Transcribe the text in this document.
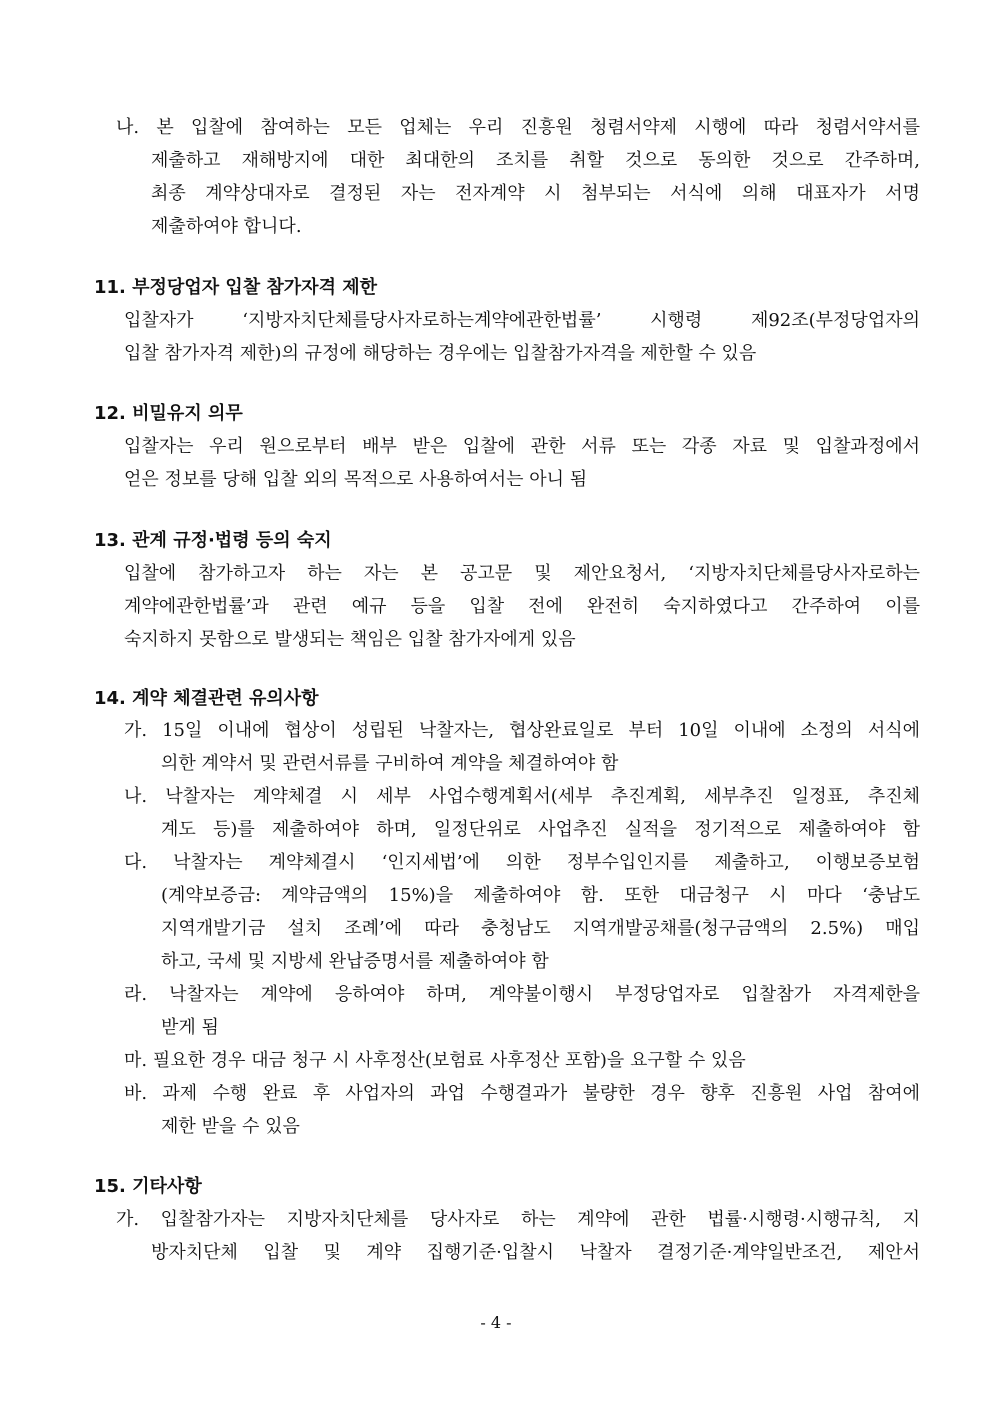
나. 본 입찰에 참여하는 모든 업체는 우리 진흥원 청렴서약제 시행에 따라 청렴서약서를
제출하고 재해방지에 대한 최대한의 조치를 취할 것으로 동의한 것으로 간주하며,
최종 계약상대자로 결정된 자는 전자계약 시 첨부되는 서식에 의해 대표자가 서명
제출하여야 합니다.
11. 부정당업자 입찰 참가자격 제한
입찰자가 ‘지방자치단체를당사자로하는계약에관한법률’ 시행령 제92조(부정당업자의
입찰 참가자격 제한)의 규정에 해당하는 경우에는 입찰참가자격을 제한할 수 있음
12. 비밀유지 의무
입찰자는 우리 원으로부터 배부 받은 입찰에 관한 서류 또는 각종 자료 및 입찰과정에서
얻은 정보를 당해 입찰 외의 목적으로 사용하여서는 아니 됨
13. 관계 규정·법령 등의 숙지
입찰에 참가하고자 하는 자는 본 공고문 및 제안요청서, ‘지방자치단체를당사자로하는
계약에관한법률’과 관련 예규 등을 입찰 전에 완전히 숙지하였다고 간주하여 이를
숙지하지 못함으로 발생되는 책임은 입찰 참가자에게 있음
14. 계약 체결관련 유의사항
가. 15일 이내에 협상이 성립된 낙찰자는, 협상완료일로 부터 10일 이내에 소정의 서식에
의한 계약서 및 관련서류를 구비하여 계약을 체결하여야 함
나. 낙찰자는 계약체결 시 세부 사업수행계획서(세부 추진계획, 세부추진 일정표, 추진체
계도 등)를 제출하여야 하며, 일정단위로 사업추진 실적을 정기적으로 제출하여야 함
다. 낙찰자는 계약체결시 ‘인지세법’에 의한 정부수입인지를 제출하고, 이행보증보험
(계약보증금: 계약금액의 15%)을 제출하여야 함. 또한 대금청구 시 마다 ‘충남도
지역개발기금 설치 조례’에 따라 충청남도 지역개발공채를(청구금액의 2.5%) 매입
하고, 국세 및 지방세 완납증명서를 제출하여야 함
라. 낙찰자는 계약에 응하여야 하며, 계약불이행시 부정당업자로 입찰참가 자격제한을
받게 됨
마. 필요한 경우 대금 청구 시 사후정산(보험료 사후정산 포함)을 요구할 수 있음
바. 과제 수행 완료 후 사업자의 과업 수행결과가 불량한 경우 향후 진흥원 사업 참여에
제한 받을 수 있음
15. 기타사항
가. 입찰참가자는 지방자치단체를 당사자로 하는 계약에 관한 법률·시행령·시행규칙, 지
방자치단체 입찰 및 계약 집행기준·입찰시 낙찰자 결정기준·계약일반조건, 제안서
- 4 -
